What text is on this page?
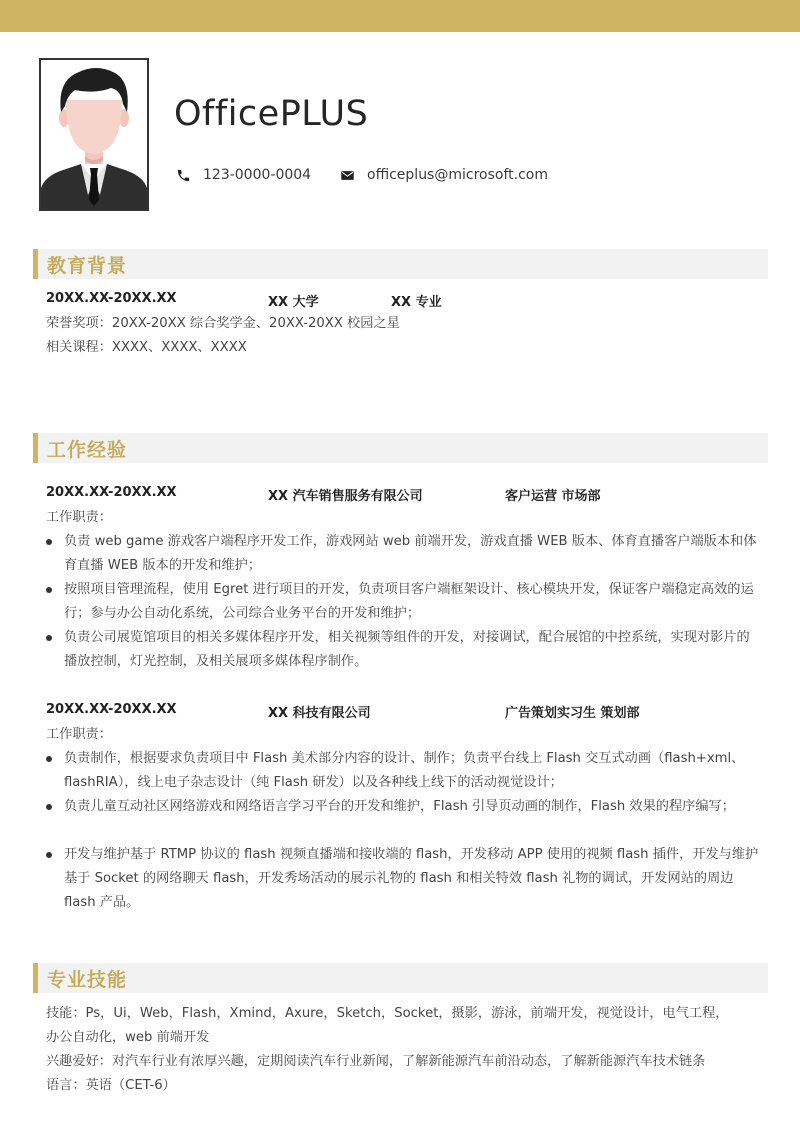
OfficePLUS
123-0000-0004	officeplus@microsoft.com
教育背景
20XX.XX-20XX.XX	XX 大学	XX 专业
荣誉奖项：20XX-20XX 综合奖学金、20XX-20XX 校园之星
相关课程：XXXX、XXXX、XXXX
工作经验
20XX.XX-20XX.XX	XX 汽车销售服务有限公司	客户运营 市场部
工作职责：
负责 web game 游戏客户端程序开发工作，游戏网站 web 前端开发，游戏直播 WEB 版本、体育直播客户端版本和体育直播 WEB 版本的开发和维护；
按照项目管理流程，使用 Egret 进行项目的开发，负责项目客户端框架设计、核心模块开发，保证客户端稳定高效的运行；参与办公自动化系统，公司综合业务平台的开发和维护；
负责公司展览馆项目的相关多媒体程序开发，相关视频等组件的开发，对接调试，配合展馆的中控系统，实现对影片的播放控制，灯光控制，及相关展项多媒体程序制作。
20XX.XX-20XX.XX	XX 科技有限公司	广告策划实习生 策划部
工作职责：
负责制作，根据要求负责项目中 Flash 美术部分内容的设计、制作；负责平台线上 Flash 交互式动画（flash+xml、flashRIA），线上电子杂志设计（纯 Flash 研发）以及各种线上线下的活动视觉设计；
负责儿童互动社区网络游戏和网络语言学习平台的开发和维护，Flash 引导页动画的制作，Flash 效果的程序编写；
开发与维护基于 RTMP 协议的 flash 视频直播端和接收端的 flash，开发移动 APP 使用的视频 flash 插件，开发与维护基于 Socket 的网络聊天 flash，开发秀场活动的展示礼物的 flash 和相关特效 flash 礼物的调试，开发网站的周边 flash 产品。
专业技能
技能：Ps，Ui，Web，Flash，Xmind，Axure，Sketch，Socket，摄影，游泳，前端开发，视觉设计，电气工程，
办公自动化，web 前端开发
兴趣爱好：对汽车行业有浓厚兴趣，定期阅读汽车行业新闻，了解新能源汽车前沿动态，了解新能源汽车技术链条
语言：英语（CET-6）
